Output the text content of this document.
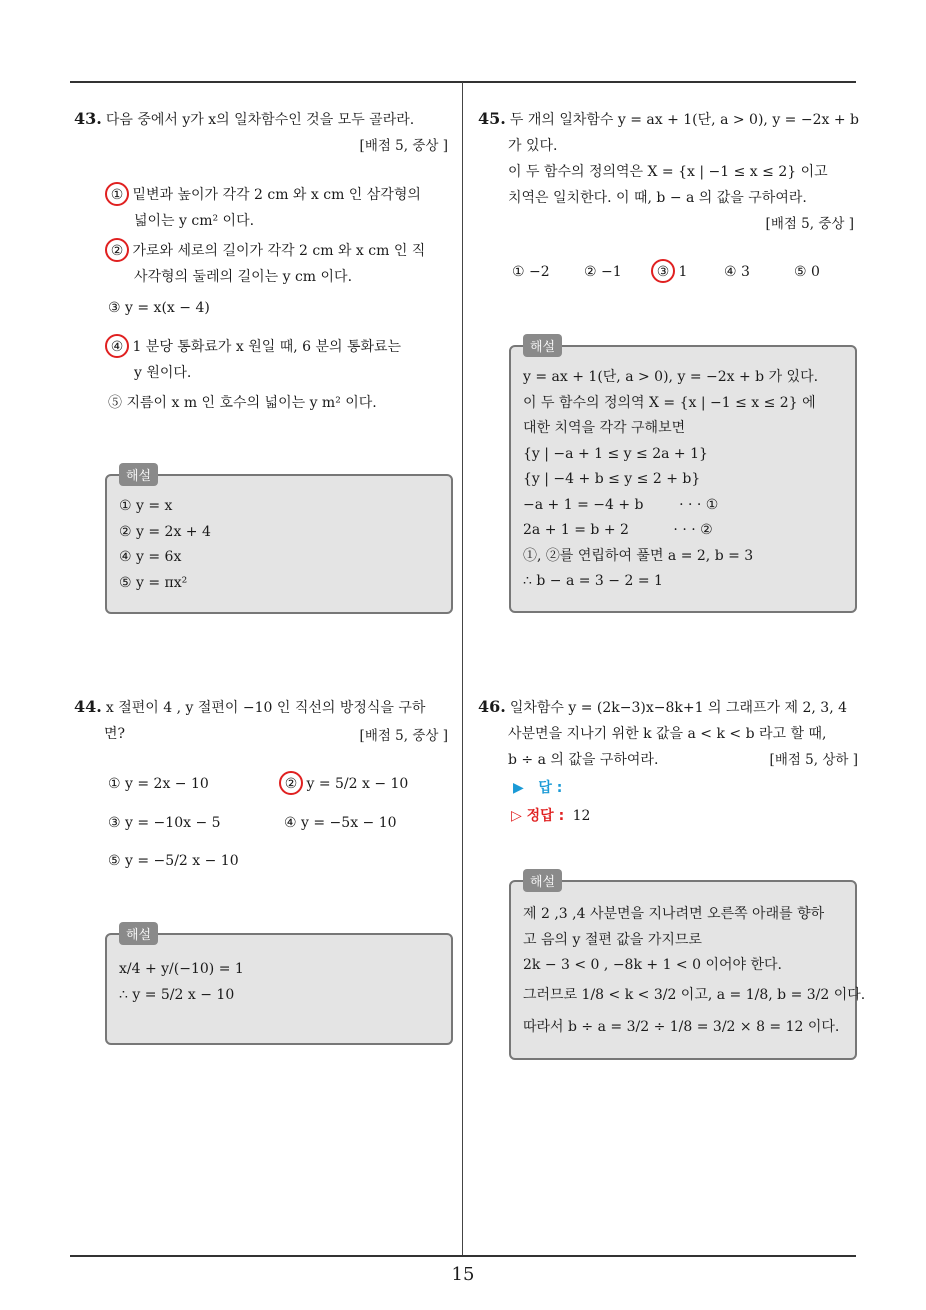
43. 다음 중에서 y가 x의 일차함수인 것을 모두 골라라.
[배점 5, 중상 ]
① 밑변과 높이가 각각 2 cm 와 x cm 인 삼각형의
넓이는 y cm² 이다.
② 가로와 세로의 길이가 각각 2 cm 와 x cm 인 직
사각형의 둘레의 길이는 y cm 이다.
③ y = x(x − 4)
④ 1 분당 통화료가 x 원일 때, 6 분의 통화료는
y 원이다.
⑤ 지름이 x m 인 호수의 넓이는 y m² 이다.
해설
① y = x
② y = 2x + 4
④ y = 6x
⑤ y = πx²
44. x 절편이 4 , y 절편이 −10 인 직선의 방정식을 구하
면?	[배점 5, 중상 ]
① y = 2x − 10	② y = 5/2 x − 10
③ y = −10x − 5	④ y = −5x − 10
⑤ y = −5/2 x − 10
해설
x/4 + y/(−10) = 1
∴ y = 5/2 x − 10
45. 두 개의 일차함수 y = ax + 1(단, a > 0), y = −2x + b
가 있다.
이 두 함수의 정의역은 X = {x | −1 ≤ x ≤ 2} 이고
치역은 일치한다. 이 때, b − a 의 값을 구하여라.
[배점 5, 중상 ]
① −2 ② −1	③ 1	④ 3	⑤ 0
해설
y = ax + 1(단, a > 0), y = −2x + b 가 있다.
이 두 함수의 정의역 X = {x | −1 ≤ x ≤ 2} 에
대한 치역을 각각 구해보면
{y | −a + 1 ≤ y ≤ 2a + 1}
{y | −4 + b ≤ y ≤ 2 + b}
−a + 1 = −4 + b        · · · ①
2a + 1 = b + 2          · · · ②
①, ②를 연립하여 풀면 a = 2, b = 3
∴ b − a = 3 − 2 = 1
46. 일차함수 y = (2k−3)x−8k+1 의 그래프가 제 2, 3, 4
사분면을 지나기 위한 k 값을 a < k < b 라고 할 때,
b ÷ a 의 값을 구하여라.	[배점 5, 상하 ]
▶   답 :
▷ 정답 : 12
해설
제 2 ,3 ,4 사분면을 지나려면 오른쪽 아래를 향하
고 음의 y 절편 값을 가지므로
2k − 3 < 0 , −8k + 1 < 0 이어야 한다.
그러므로 1/8 < k < 3/2 이고, a = 1/8, b = 3/2 이다.
따라서 b ÷ a = 3/2 ÷ 1/8 = 3/2 × 8 = 12 이다.
15
